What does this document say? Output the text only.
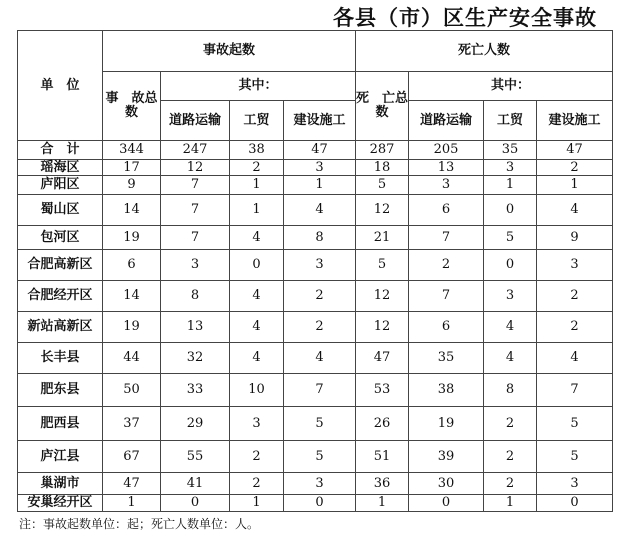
各县（市）区生产安全事故
单　位	事故起数				死亡人数			
	事　故总　数	其中：			死　亡总　数	其中：		
		道路运输	工贸	建设施工		道路运输	工贸	建设施工
合　计	344	247	38	47	287	205	35	47
瑶海区	17	12	2	3	18	13	3	2
庐阳区	9	7	1	1	5	3	1	1
蜀山区	14	7	1	4	12	6	0	4
包河区	19	7	4	8	21	7	5	9
合肥高新区	6	3	0	3	5	2	0	3
合肥经开区	14	8	4	2	12	7	3	2
新站高新区	19	13	4	2	12	6	4	2
长丰县	44	32	4	4	47	35	4	4
肥东县	50	33	10	7	53	38	8	7
肥西县	37	29	3	5	26	19	2	5
庐江县	67	55	2	5	51	39	2	5
巢湖市	47	41	2	3	36	30	2	3
安巢经开区	1	0	1	0	1	0	1	0
注：事故起数单位：起；死亡人数单位：人。
